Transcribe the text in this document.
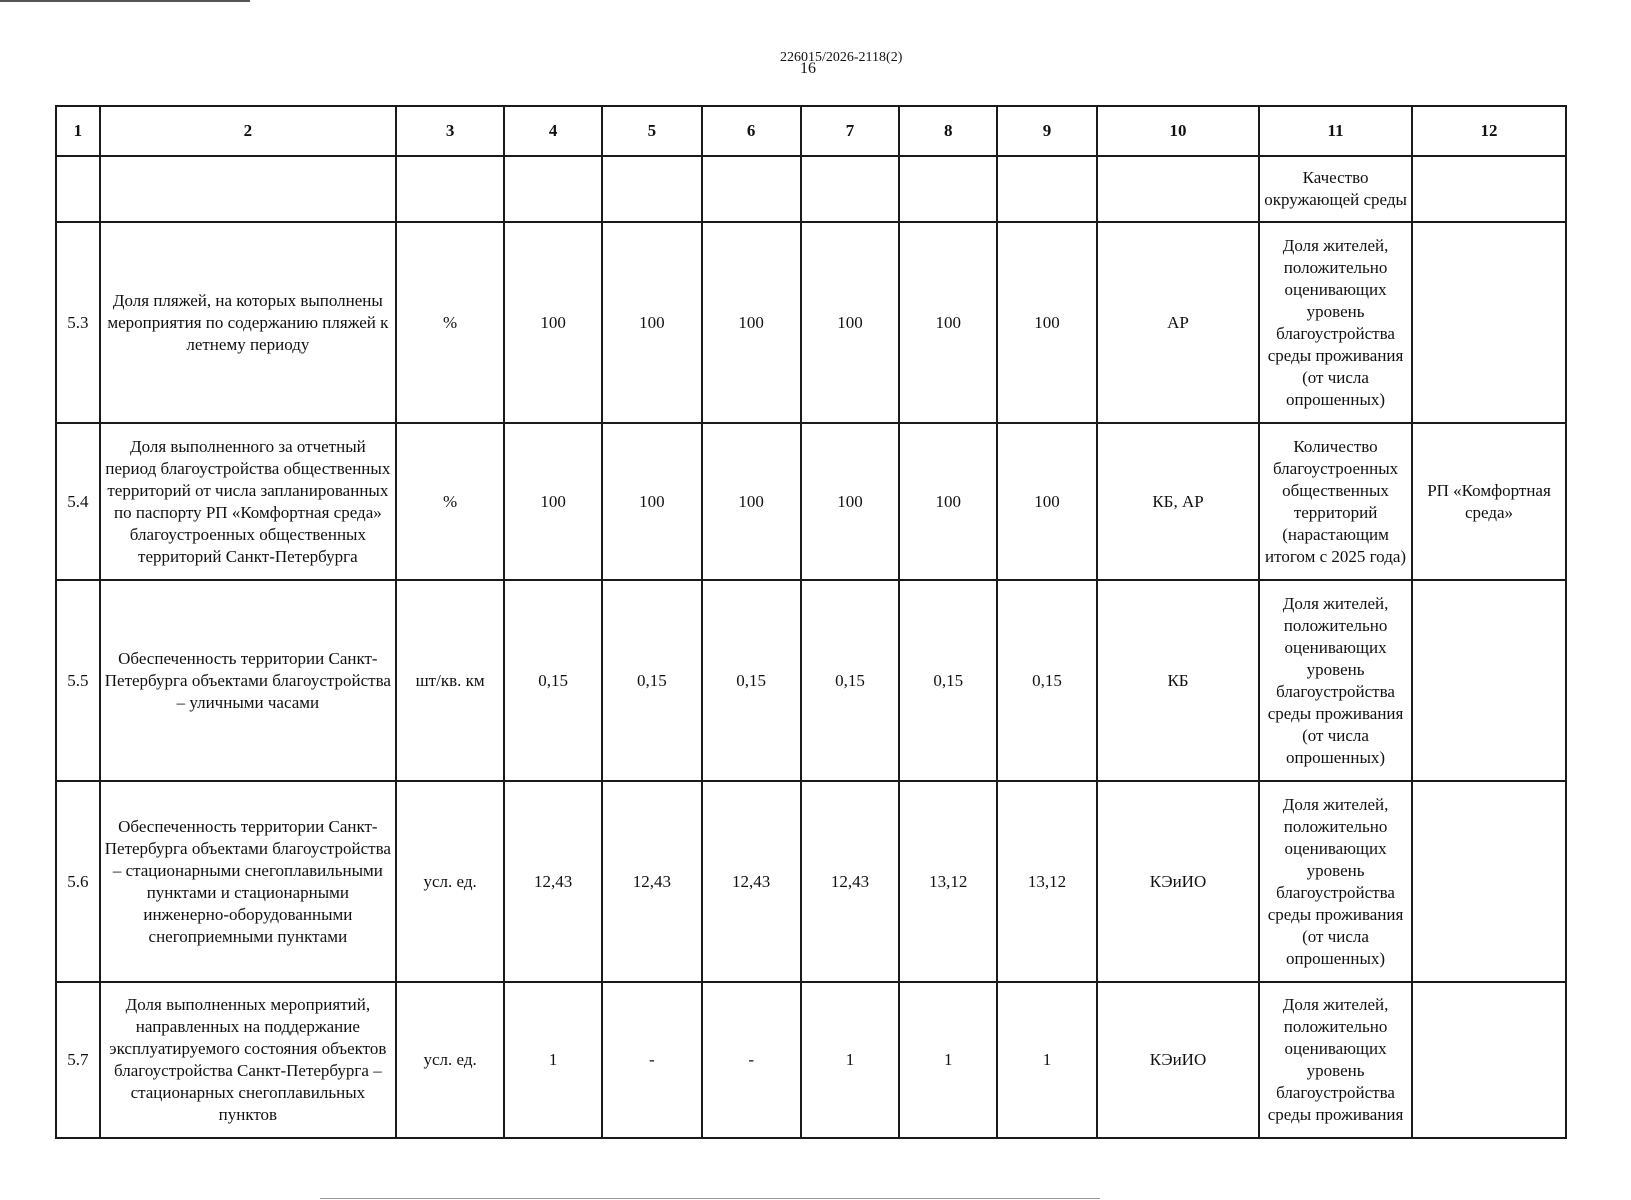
226015/2026-2118(2)
16
1	2	3	4	5	6	7	8	9	10	11	12
										Качество окружающей среды	
5.3	Доля пляжей, на которых выполнены мероприятия по содержанию пляжей к летнему периоду	%	100	100	100	100	100	100	АР	Доля жителей, положительно оценивающих уровень благоустройства среды проживания (от числа опрошенных)	
5.4	Доля выполненного за отчетный период благоустройства общественных территорий от числа запланированных по паспорту РП «Комфортная среда» благоустроенных общественных территорий Санкт-Петербурга	%	100	100	100	100	100	100	КБ, АР	Количество благоустроенных общественных территорий (нарастающим итогом с 2025 года)	РП «Комфортная среда»
5.5	Обеспеченность территории Санкт-Петербурга объектами благоустройства – уличными часами	шт/кв. км	0,15	0,15	0,15	0,15	0,15	0,15	КБ	Доля жителей, положительно оценивающих уровень благоустройства среды проживания (от числа опрошенных)	
5.6	Обеспеченность территории Санкт-Петербурга объектами благоустройства – стационарными снегоплавильными пунктами и стационарными инженерно-оборудованными снегоприемными пунктами	усл. ед.	12,43	12,43	12,43	12,43	13,12	13,12	КЭиИО	Доля жителей, положительно оценивающих уровень благоустройства среды проживания (от числа опрошенных)	
5.7	Доля выполненных мероприятий, направленных на поддержание эксплуатируемого состояния объектов благоустройства Санкт-Петербурга – стационарных снегоплавильных пунктов	усл. ед.	1	-	-	1	1	1	КЭиИО	Доля жителей, положительно оценивающих уровень благоустройства среды проживания	
